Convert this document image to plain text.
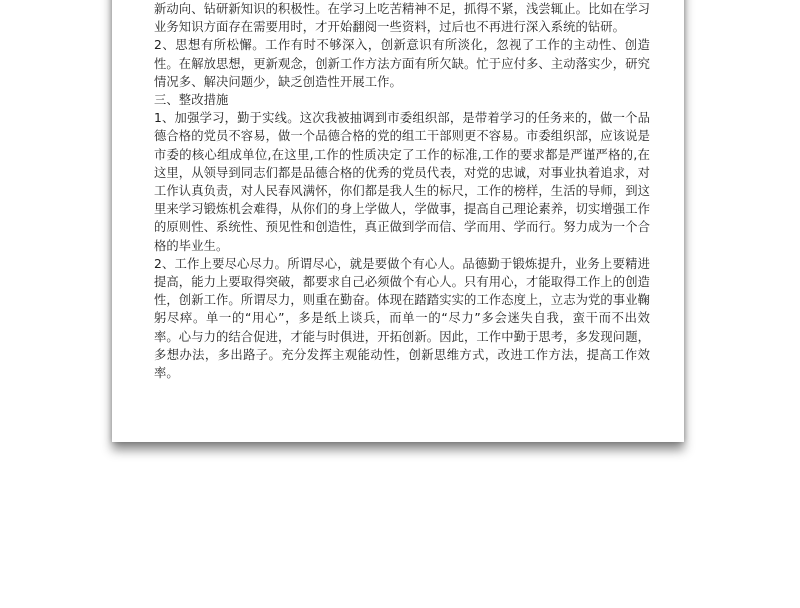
新动向、钻研新知识的积极性。在学习上吃苦精神不足，抓得不紧，浅尝辄止。比如在学习业务知识方面存在需要用时，才开始翻阅一些资料，过后也不再进行深入系统的钻研。

2、思想有所松懈。工作有时不够深入，创新意识有所淡化，忽视了工作的主动性、创造性。在解放思想，更新观念，创新工作方法方面有所欠缺。忙于应付多、主动落实少，研究情况多、解决问题少，缺乏创造性开展工作。

三、整改措施

1、加强学习，勤于实线。这次我被抽调到市委组织部，是带着学习的任务来的，做一个品德合格的党员不容易，做一个品德合格的党的组工干部则更不容易。市委组织部，应该说是市委的核心组成单位,在这里,工作的性质决定了工作的标准,工作的要求都是严谨严格的,在这里，从领导到同志们都是品德合格的优秀的党员代表，对党的忠诚，对事业执着追求，对工作认真负责，对人民春风满怀，你们都是我人生的标尺，工作的榜样，生活的导师，到这里来学习锻炼机会难得，从你们的身上学做人，学做事，提高自己理论素养，切实增强工作的原则性、系统性、预见性和创造性，真正做到学而信、学而用、学而行。努力成为一个合格的毕业生。

2、工作上要尽心尽力。所谓尽心，就是要做个有心人。品德勤于锻炼提升，业务上要精进提高，能力上要取得突破，都要求自己必须做个有心人。只有用心，才能取得工作上的创造性，创新工作。所谓尽力，则重在勤奋。体现在踏踏实实的工作态度上，立志为党的事业鞠躬尽瘁。单一的“用心”，多是纸上谈兵，而单一的“尽力”多会迷失自我，蛮干而不出效率。心与力的结合促进，才能与时俱进，开拓创新。因此，工作中勤于思考，多发现问题，多想办法，多出路子。充分发挥主观能动性，创新思维方式，改进工作方法，提高工作效率。
